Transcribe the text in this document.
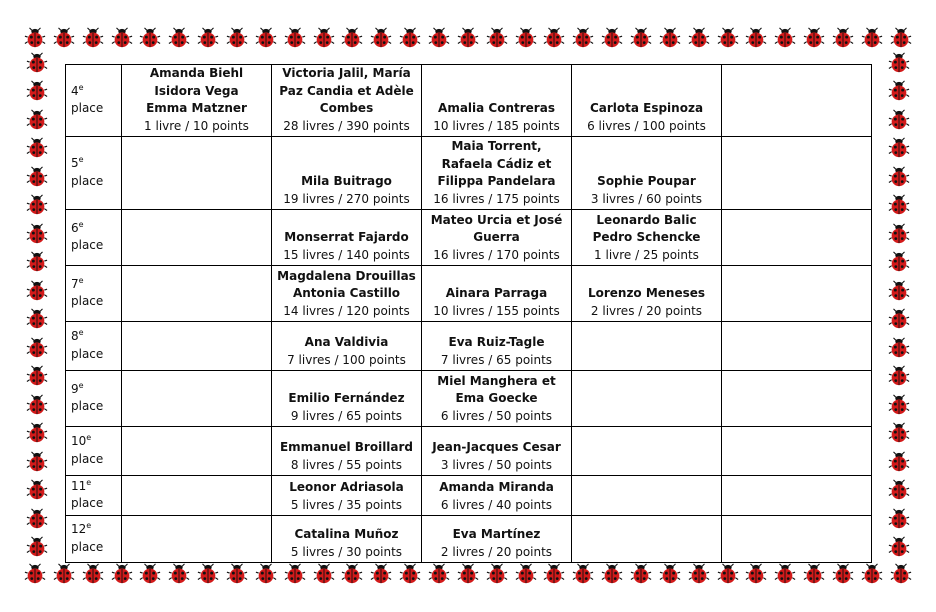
4e
place	Amanda Biehl
Isidora Vega
Emma Matzner
1 livre / 10 points	Victoria Jalil, María
Paz Candia et Adèle
Combes
28 livres / 390 points	Amalia Contreras
10 livres / 185 points	Carlota Espinoza
6 livres / 100 points	

5e
place		Mila Buitrago
19 livres / 270 points	Maia Torrent,
Rafaela Cádiz et
Filippa Pandelara
16 livres / 175 points	Sophie Poupar
3 livres / 60 points	

6e
place		Monserrat Fajardo
15 livres / 140 points	Mateo Urcia et José
Guerra
16 livres / 170 points	Leonardo Balic
Pedro Schencke
1 livre / 25 points	

7e
place		Magdalena Drouillas
Antonia Castillo
14 livres / 120 points	Ainara Parraga
10 livres / 155 points	Lorenzo Meneses
2 livres / 20 points	

8e
place		Ana Valdivia
7 livres / 100 points	Eva Ruiz-Tagle
7 livres / 65 points		

9e
place		Emilio Fernández
9 livres / 65 points	Miel Manghera et
Ema Goecke
6 livres / 50 points		

10e
place		Emmanuel Broillard
8 livres / 55 points	Jean-Jacques Cesar
3 livres / 50 points		

11e
place		Leonor Adriasola
5 livres / 35 points	Amanda Miranda
6 livres / 40 points		

12e
place		Catalina Muñoz
5 livres / 30 points	Eva Martínez
2 livres / 20 points		
